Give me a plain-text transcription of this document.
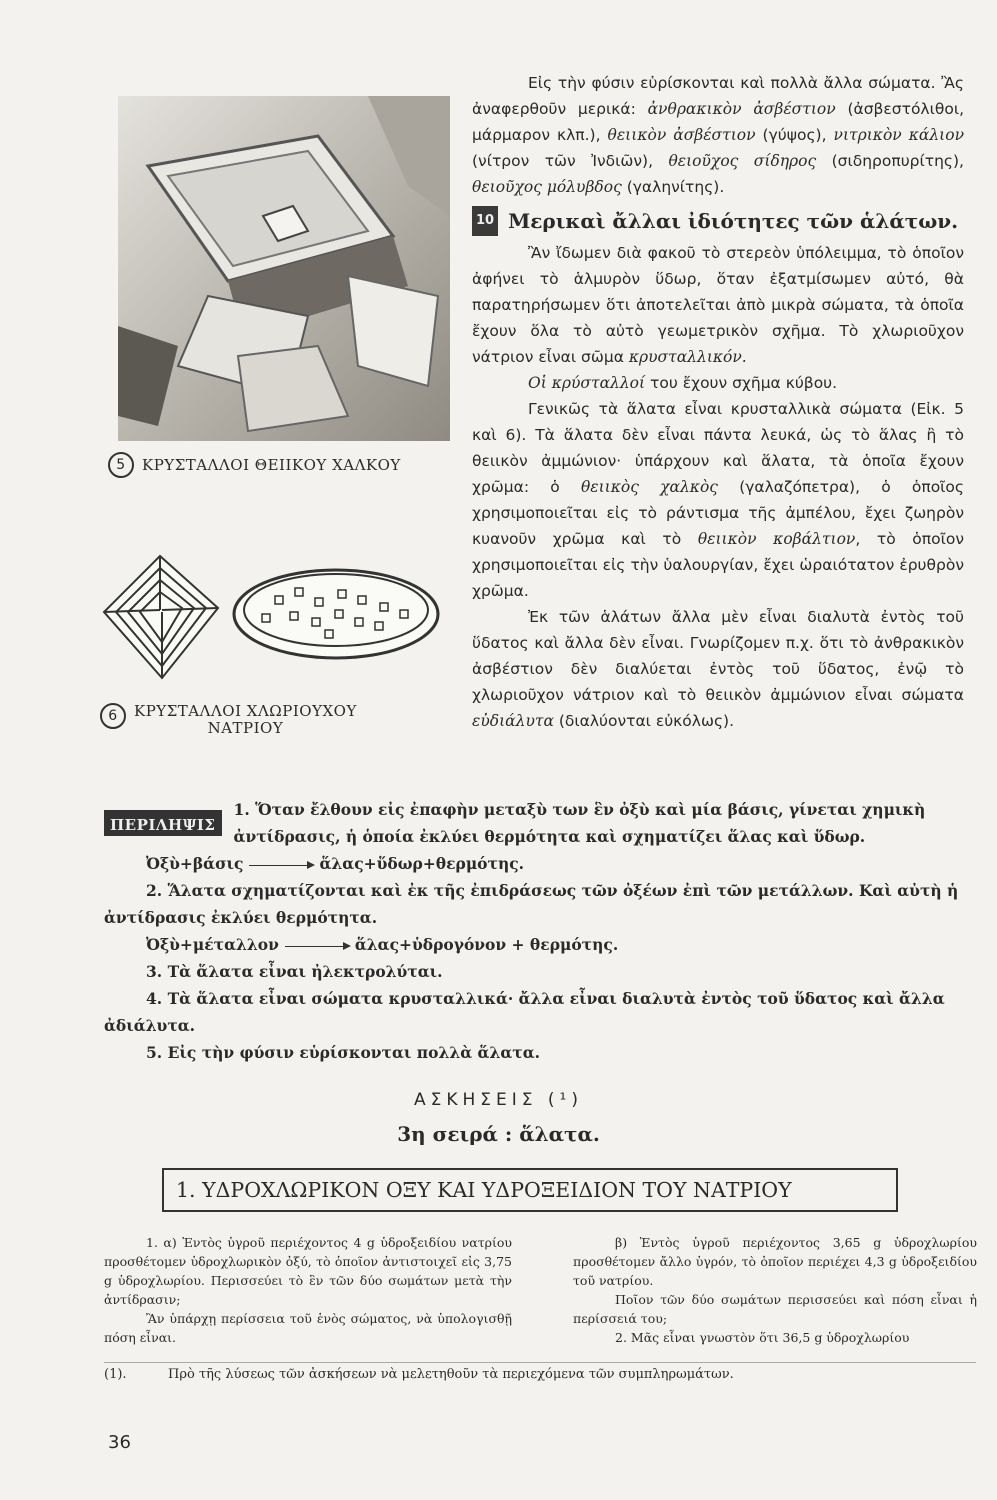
5	ΚΡΥΣΤΑΛΛΟΙ ΘΕΙΙΚΟΥ ΧΑΛΚΟΥ
6	ΚΡΥΣΤΑΛΛΟΙ ΧΛΩΡΙΟΥΧΟΥ
ΝΑΤΡΙΟΥ

Εἰς τὴν φύσιν εὑρίσκονται καὶ πολλὰ ἄλλα σώματα. Ἂς ἀναφερθοῦν μερικά: ἀνθρακικὸν ἀσβέστιον (ἀσβεστόλιθοι, μάρμαρον κλπ.), θειικὸν ἀσβέστιον (γύψος), νιτρικὸν κάλιον (νίτρον τῶν Ἰνδιῶν), θειοῦχος σίδηρος (σιδηροπυρίτης), θειοῦχος μόλυβδος (γαληνίτης).

10 Μερικαὶ ἄλλαι ἰδιότητες τῶν ἁλάτων.

Ἂν ἴδωμεν διὰ φακοῦ τὸ στερεὸν ὑπόλειμμα, τὸ ὁποῖον ἀφήνει τὸ ἁλμυρὸν ὕδωρ, ὅταν ἐξατμίσωμεν αὐτό, θὰ παρατηρήσωμεν ὅτι ἀποτελεῖται ἀπὸ μικρὰ σώματα, τὰ ὁποῖα ἔχουν ὅλα τὸ αὐτὸ γεωμετρικὸν σχῆμα. Τὸ χλωριοῦχον νάτριον εἶναι σῶμα κρυσταλλικόν.

Οἱ κρύσταλλοί του ἔχουν σχῆμα κύβου.

Γενικῶς τὰ ἅλατα εἶναι κρυσταλλικὰ σώματα (Εἰκ. 5 καὶ 6). Τὰ ἅλατα δὲν εἶναι πάντα λευκά, ὡς τὸ ἅλας ἢ τὸ θειικὸν ἀμμώνιον· ὑπάρχουν καὶ ἅλατα, τὰ ὁποῖα ἔχουν χρῶμα: ὁ θειικὸς χαλκὸς (γαλαζόπετρα), ὁ ὁποῖος χρησιμοποιεῖται εἰς τὸ ράντισμα τῆς ἀμπέλου, ἔχει ζωηρὸν κυανοῦν χρῶμα καὶ τὸ θειικὸν κοβάλτιον, τὸ ὁποῖον χρησιμοποιεῖται εἰς τὴν ὑαλουργίαν, ἔχει ὡραιότατον ἐρυθρὸν χρῶμα.

Ἐκ τῶν ἁλάτων ἄλλα μὲν εἶναι διαλυτὰ ἐντὸς τοῦ ὕδατος καὶ ἄλλα δὲν εἶναι. Γνωρίζομεν π.χ. ὅτι τὸ ἀνθρακικὸν ἀσβέστιον δὲν διαλύεται ἐντὸς τοῦ ὕδατος, ἐνῷ τὸ χλωριοῦχον νάτριον καὶ τὸ θειικὸν ἀμμώνιον εἶναι σώματα εὐδιάλυτα (διαλύονται εὐκόλως).

ΠΕΡΙΛΗΨΙΣ

1. Ὅταν ἔλθουν εἰς ἐπαφὴν μεταξὺ των ἓν ὀξὺ καὶ μία βάσις, γίνεται χημικὴ ἀντίδρασις, ἡ ὁποία ἐκλύει θερμότητα καὶ σχηματίζει ἅλας καὶ ὕδωρ.

Ὀξὺ+βάσις	ἅλας+ὕδωρ+θερμότης.

2. Ἅλατα σχηματίζονται καὶ ἐκ τῆς ἐπιδράσεως τῶν ὀξέων ἐπὶ τῶν μετάλλων. Καὶ αὐτὴ ἡ ἀντίδρασις ἐκλύει θερμότητα.

Ὀξὺ+μέταλλον	ἅλας+ὑδρογόνον + θερμότης.

3. Τὰ ἅλατα εἶναι ἠλεκτρολύται.

4. Τὰ ἅλατα εἶναι σώματα κρυσταλλικά· ἄλλα εἶναι διαλυτὰ ἐντὸς τοῦ ὕδατος καὶ ἄλλα ἀδιάλυτα.

5. Εἰς τὴν φύσιν εὑρίσκονται πολλὰ ἅλατα.

ΑΣΚΗΣΕΙΣ (¹)
3η σειρά : ἅλατα.
1. ΥΔΡΟΧΛΩΡΙΚΟΝ ΟΞΥ ΚΑΙ ΥΔΡΟΞΕΙΔΙΟΝ ΤΟΥ ΝΑΤΡΙΟΥ

1. α) Ἐντὸς ὑγροῦ περιέχοντος 4 g ὑδροξειδίου νατρίου προσθέτομεν ὑδροχλωρικὸν ὀξύ, τὸ ὁποῖον ἀντιστοιχεῖ εἰς 3,75 g ὑδροχλωρίου. Περισσεύει τὸ ἓν τῶν δύο σωμάτων μετὰ τὴν ἀντίδρασιν;

Ἂν ὑπάρχῃ περίσσεια τοῦ ἑνὸς σώματος, νὰ ὑπολογισθῇ πόση εἶναι.

β) Ἐντὸς ὑγροῦ περιέχοντος 3,65 g ὑδροχλωρίου προσθέτομεν ἄλλο ὑγρόν, τὸ ὁποῖον περιέχει 4,3 g ὑδροξειδίου τοῦ νατρίου.

Ποῖον τῶν δύο σωμάτων περισσεύει καὶ πόση εἶναι ἡ περίσσειά του;

2. Μᾶς εἶναι γνωστὸν ὅτι 36,5 g ὑδροχλωρίου

(1).	Πρὸ τῆς λύσεως τῶν ἀσκήσεων νὰ μελετηθοῦν τὰ περιεχόμενα τῶν συμπληρωμάτων.
36
